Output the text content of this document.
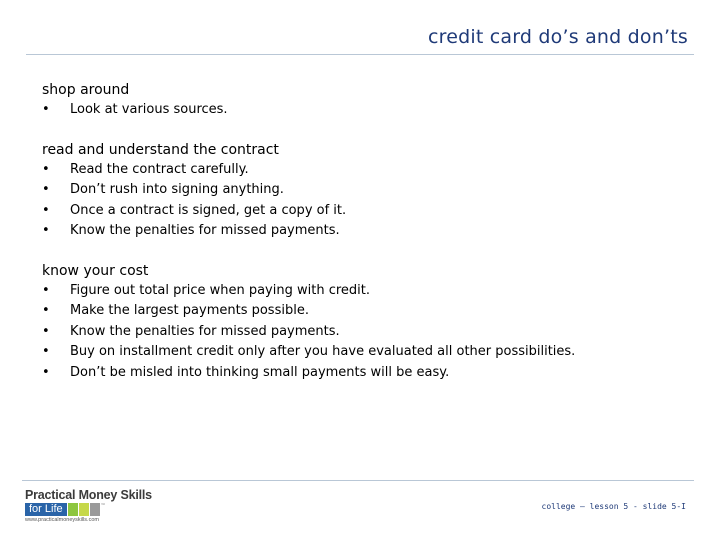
credit card do’s and don’ts

shop around

• Look at various sources.

read and understand the contract

• Read the contract carefully.
• Don’t rush into signing anything.
• Once a contract is signed, get a copy of it.
• Know the penalties for missed payments.

know your cost

• Figure out total price when paying with credit.
• Make the largest payments possible.
• Know the penalties for missed payments.
• Buy on installment credit only after you have evaluated all other possibilities.
• Don’t be misled into thinking small payments will be easy.
Practical Money Skills
for Life	™
www.practicalmoneyskills.com
college – lesson 5 - slide 5-I
